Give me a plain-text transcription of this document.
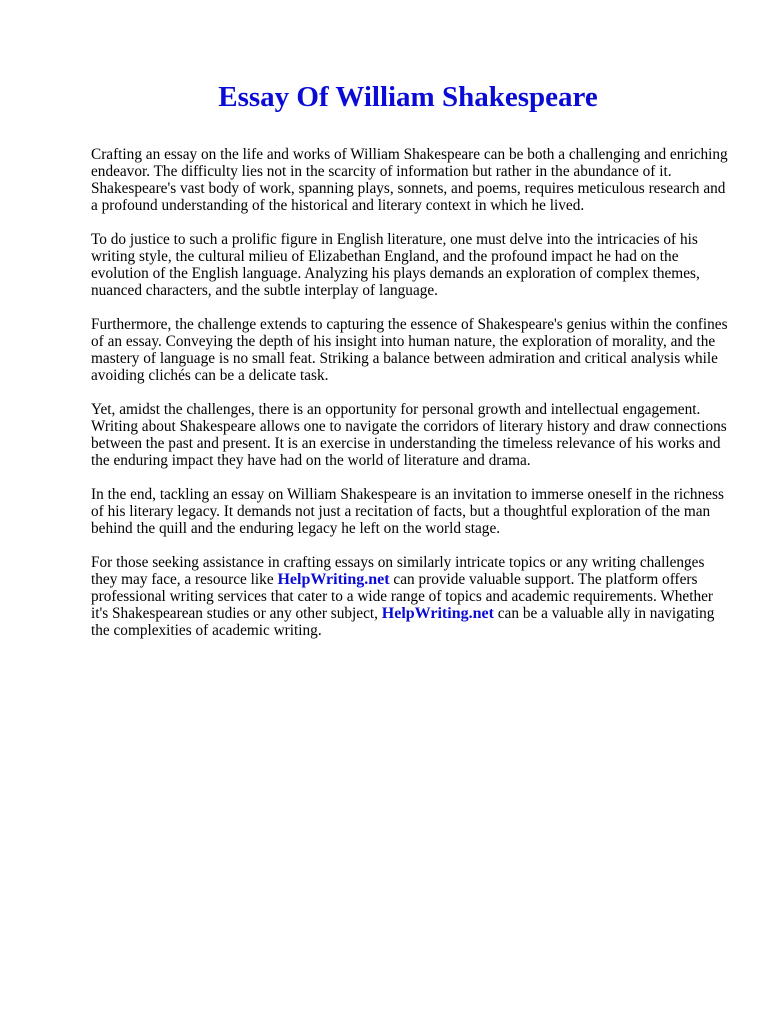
Essay Of William Shakespeare

Crafting an essay on the life and works of William Shakespeare can be both a challenging and enriching endeavor. The difficulty lies not in the scarcity of information but rather in the abundance of it. Shakespeare's vast body of work, spanning plays, sonnets, and poems, requires meticulous research and a profound understanding of the historical and literary context in which he lived.

To do justice to such a prolific figure in English literature, one must delve into the intricacies of his writing style, the cultural milieu of Elizabethan England, and the profound impact he had on the evolution of the English language. Analyzing his plays demands an exploration of complex themes, nuanced characters, and the subtle interplay of language.

Furthermore, the challenge extends to capturing the essence of Shakespeare's genius within the confines of an essay. Conveying the depth of his insight into human nature, the exploration of morality, and the mastery of language is no small feat. Striking a balance between admiration and critical analysis while avoiding clichés can be a delicate task.

Yet, amidst the challenges, there is an opportunity for personal growth and intellectual engagement. Writing about Shakespeare allows one to navigate the corridors of literary history and draw connections between the past and present. It is an exercise in understanding the timeless relevance of his works and the enduring impact they have had on the world of literature and drama.

In the end, tackling an essay on William Shakespeare is an invitation to immerse oneself in the richness of his literary legacy. It demands not just a recitation of facts, but a thoughtful exploration of the man behind the quill and the enduring legacy he left on the world stage.

For those seeking assistance in crafting essays on similarly intricate topics or any writing challenges they may face, a resource like HelpWriting.net can provide valuable support. The platform offers professional writing services that cater to a wide range of topics and academic requirements. Whether it's Shakespearean studies or any other subject, HelpWriting.net can be a valuable ally in navigating the complexities of academic writing.
